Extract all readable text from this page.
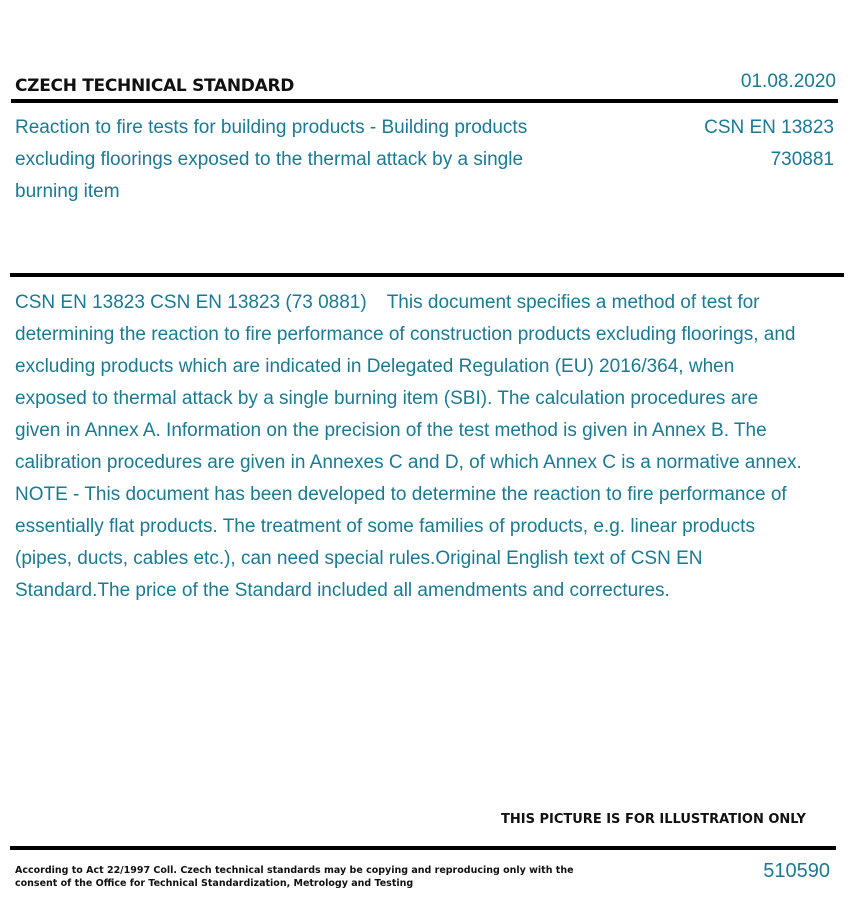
CZECH TECHNICAL STANDARD	01.08.2020
Reaction to fire tests for building products - Building products excluding floorings exposed to the thermal attack by a single burning item
CSN EN 13823
730881
CSN EN 13823 CSN EN 13823 (73 0881) This document specifies a method of test for determining the reaction to fire performance of construction products excluding floorings, and excluding products which are indicated in Delegated Regulation (EU) 2016/364, when exposed to thermal attack by a single burning item (SBI). The calculation procedures are given in Annex A. Information on the precision of the test method is given in Annex B. The calibration procedures are given in Annexes C and D, of which Annex C is a normative annex. NOTE - This document has been developed to determine the reaction to fire performance of essentially flat products. The treatment of some families of products, e.g. linear products (pipes, ducts, cables etc.), can need special rules.Original English text of CSN EN Standard.The price of the Standard included all amendments and correctures.
THIS PICTURE IS FOR ILLUSTRATION ONLY
According to Act 22/1997 Coll. Czech technical standards may be copying and reproducing only with the consent of the Office for Technical Standardization, Metrology and Testing
510590
